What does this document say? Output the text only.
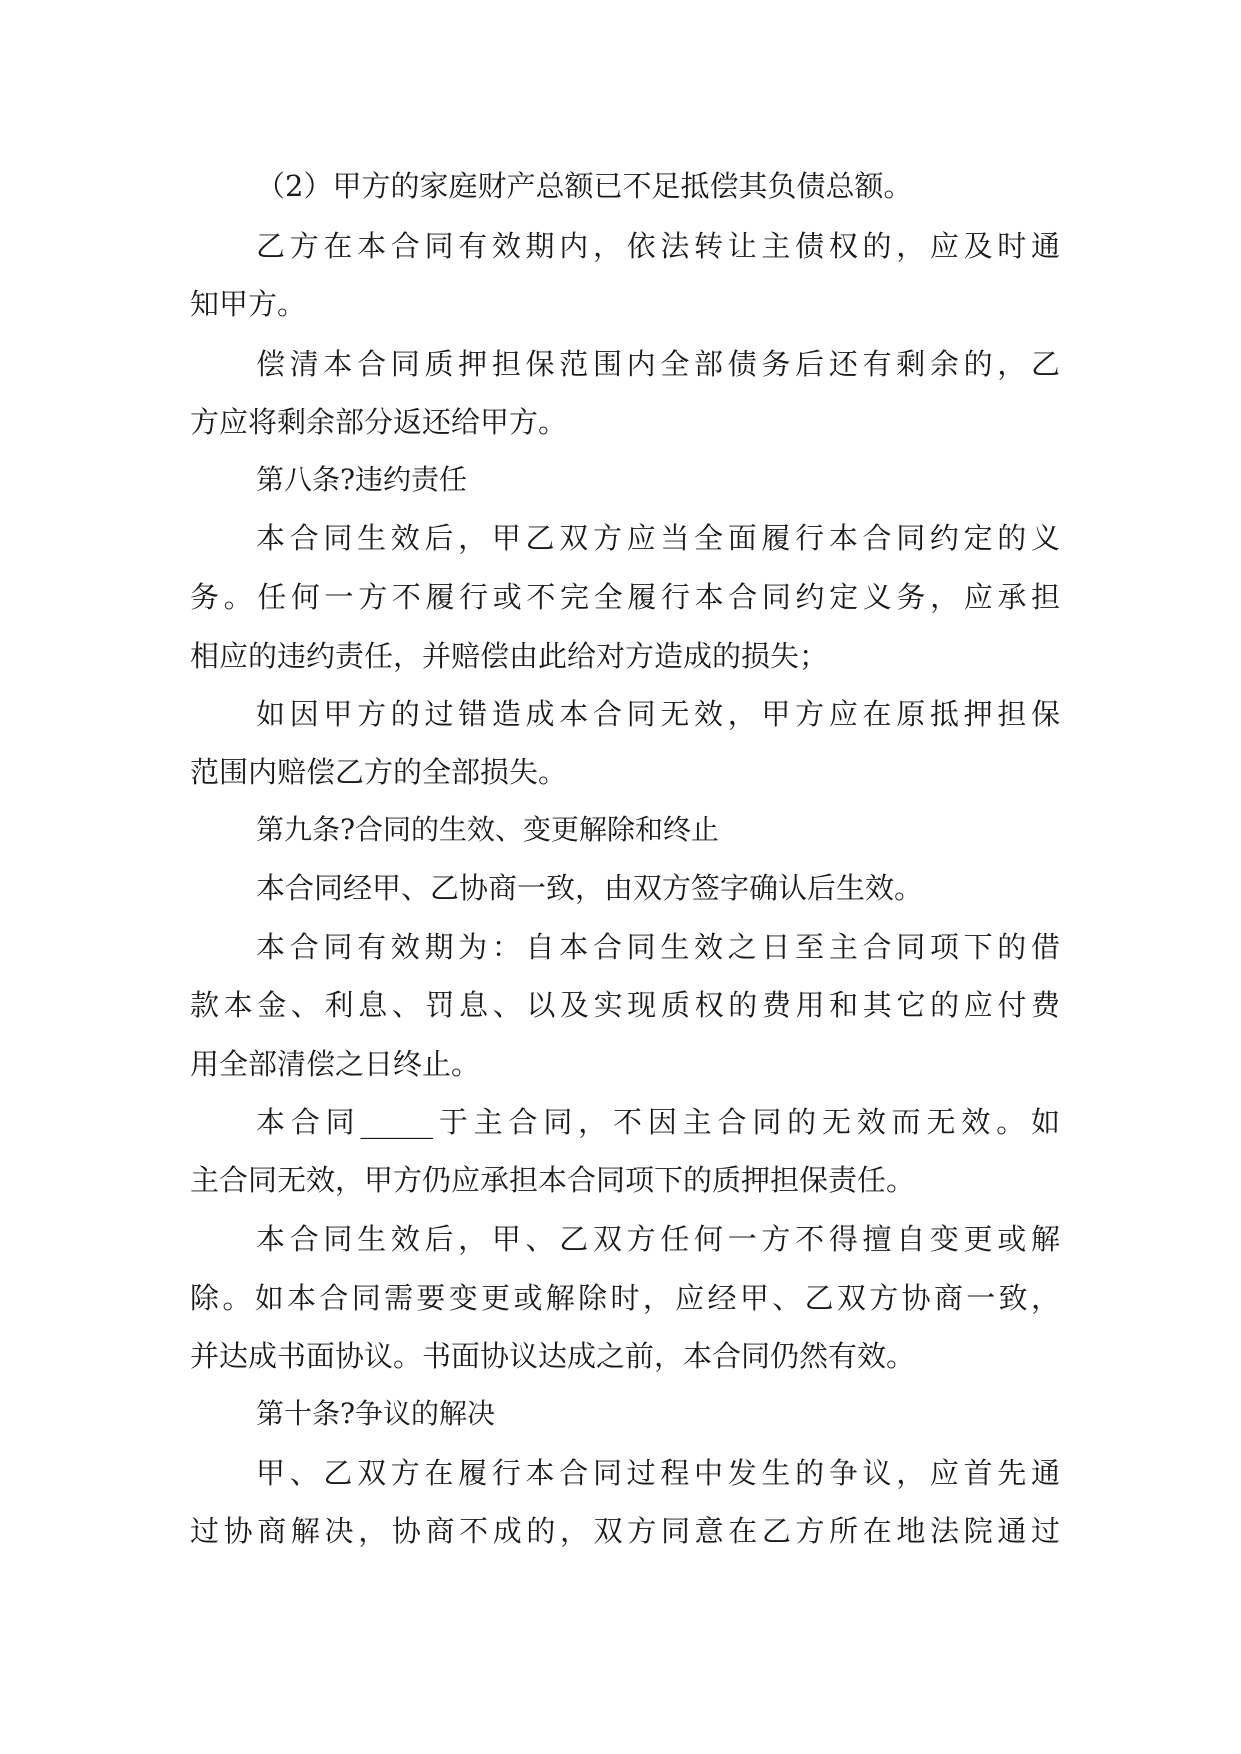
（2）甲方的家庭财产总额已不足抵偿其负债总额。
乙方在本合同有效期内，依法转让主债权的，应及时通
知甲方。
偿清本合同质押担保范围内全部债务后还有剩余的，乙
方应将剩余部分返还给甲方。
第八条?违约责任
本合同生效后，甲乙双方应当全面履行本合同约定的义
务。任何一方不履行或不完全履行本合同约定义务，应承担
相应的违约责任，并赔偿由此给对方造成的损失；
如因甲方的过错造成本合同无效，甲方应在原抵押担保
范围内赔偿乙方的全部损失。
第九条?合同的生效、变更解除和终止
本合同经甲、乙协商一致，由双方签字确认后生效。
本合同有效期为：自本合同生效之日至主合同项下的借
款本金、利息、罚息、以及实现质权的费用和其它的应付费
用全部清偿之日终止。
本合同_____于主合同，不因主合同的无效而无效。如
主合同无效，甲方仍应承担本合同项下的质押担保责任。
本合同生效后，甲、乙双方任何一方不得擅自变更或解
除。如本合同需要变更或解除时，应经甲、乙双方协商一致，
并达成书面协议。书面协议达成之前，本合同仍然有效。
第十条?争议的解决
甲、乙双方在履行本合同过程中发生的争议，应首先通
过协商解决，协商不成的，双方同意在乙方所在地法院通过
